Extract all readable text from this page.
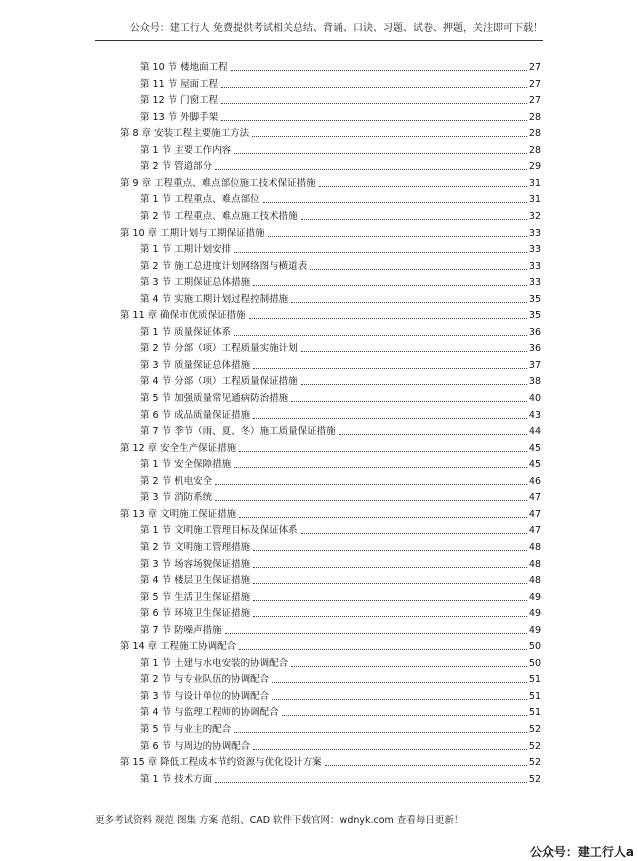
公众号：建工行人 免费提供考试相关总结、背诵、口诀、习题、试卷、押题，关注即可下载！
第 10 节 楼地面工程	27
第 11 节 屋面工程	27
第 12 节 门窗工程	27
第 13 节 外脚手架	28
第 8 章 安装工程主要施工方法	28
第 1 节 主要工作内容	28
第 2 节 管道部分	29
第 9 章 工程重点、难点部位施工技术保证措施	31
第 1 节 工程重点、难点部位	31
第 2 节 工程重点、难点施工技术措施	32
第 10 章 工期计划与工期保证措施	33
第 1 节 工期计划安排	33
第 2 节 施工总进度计划网络图与横道表	33
第 3 节 工期保证总体措施	33
第 4 节 实施工期计划过程控制措施	35
第 11 章 确保市优质保证措施	35
第 1 节 质量保证体系	36
第 2 节 分部（项）工程质量实施计划	36
第 3 节 质量保证总体措施	37
第 4 节 分部（项）工程质量保证措施	38
第 5 节 加强质量常见通病防治措施	40
第 6 节 成品质量保证措施	43
第 7 节 季节（雨、夏、冬）施工质量保证措施	44
第 12 章 安全生产保证措施	45
第 1 节 安全保障措施	45
第 2 节 机电安全	46
第 3 节 消防系统	47
第 13 章 文明施工保证措施	47
第 1 节 文明施工管理目标及保证体系	47
第 2 节 文明施工管理措施	48
第 3 节 场容场貌保证措施	48
第 4 节 楼层卫生保证措施	48
第 5 节 生活卫生保证措施	49
第 6 节 环境卫生保证措施	49
第 7 节 防噪声措施	49
第 14 章 工程施工协调配合	50
第 1 节 土建与水电安装的协调配合	50
第 2 节 与专业队伍的协调配合	51
第 3 节 与设计单位的协调配合	51
第 4 节 与监理工程师的协调配合	51
第 5 节 与业主的配合	52
第 6 节 与周边的协调配合	52
第 15 章 降低工程成本节约资源与优化设计方案	52
第 1 节 技术方面	52
更多考试资料 规范 图集 方案 范组、CAD 软件下载官网：wdnyk.com 查看每日更新！
公众号：建工行人a
